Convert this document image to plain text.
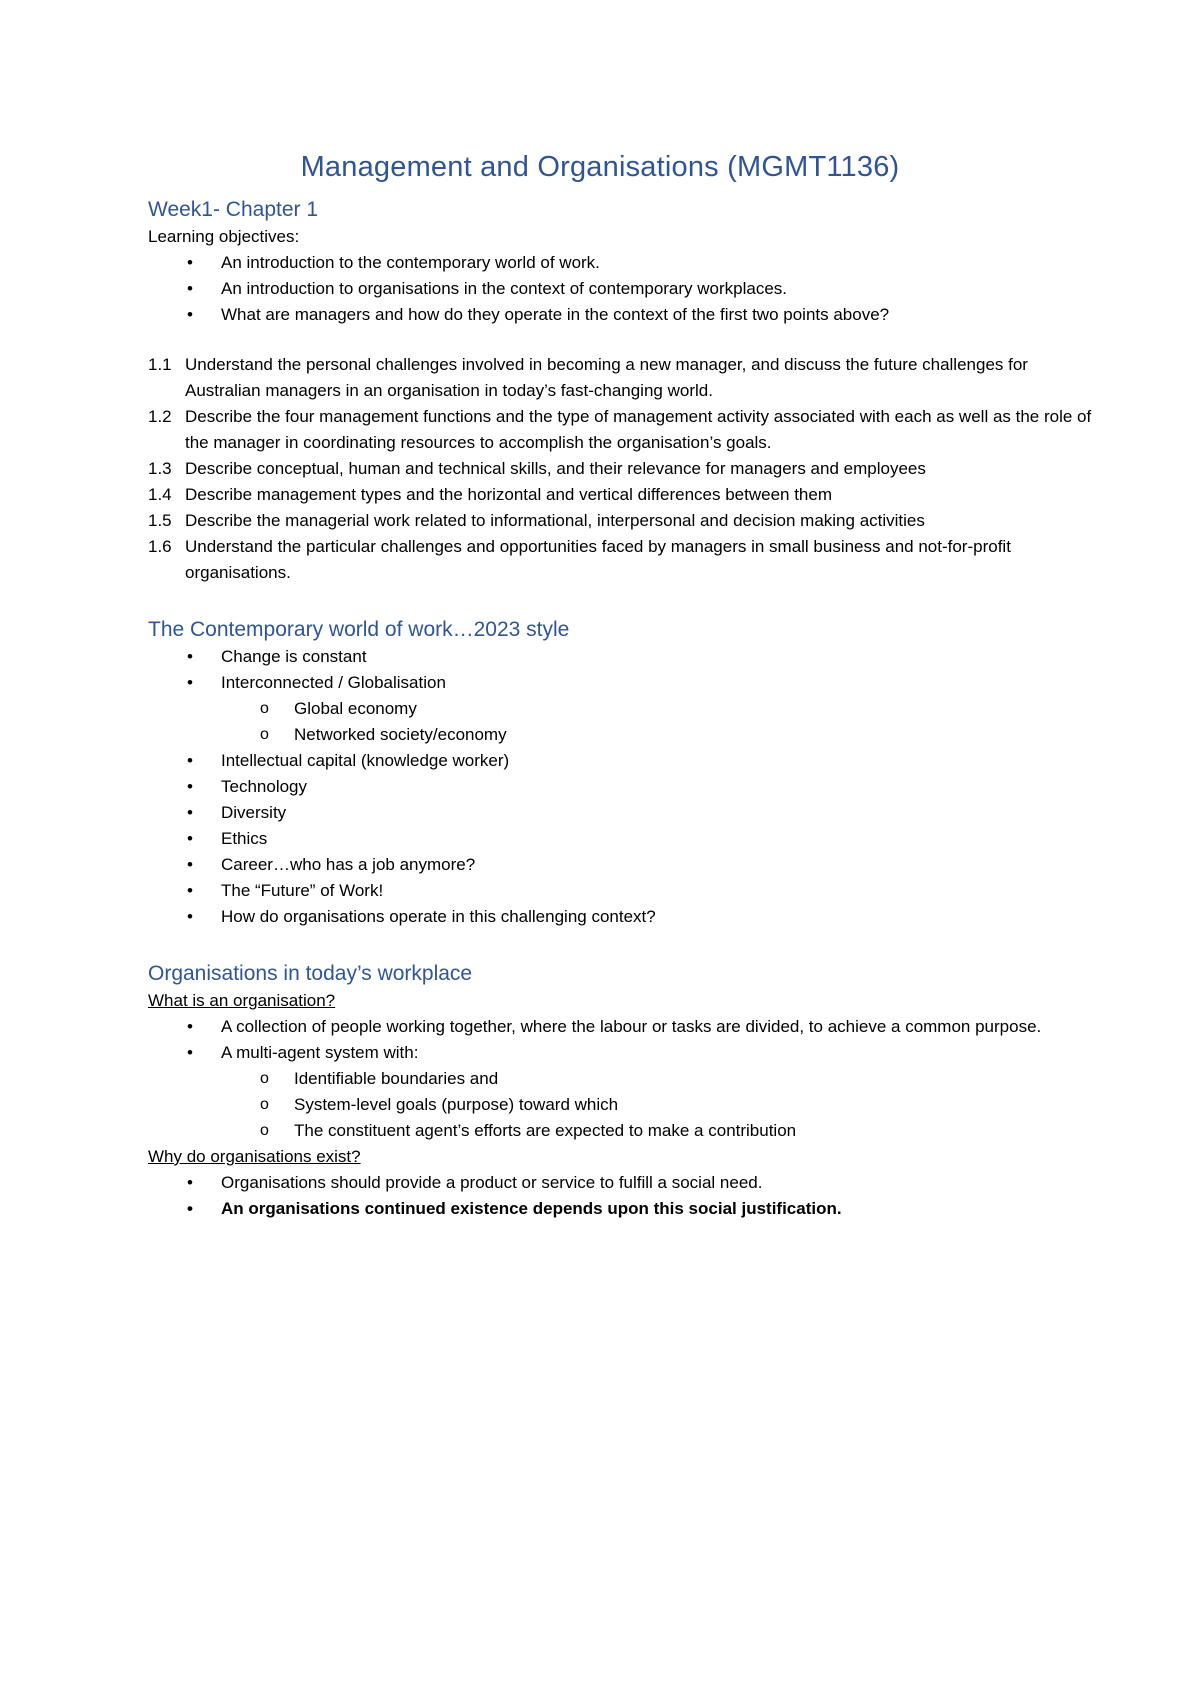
Management and Organisations (MGMT1136)
Week1- Chapter 1

Learning objectives:

• An introduction to the contemporary world of work.
• An introduction to organisations in the context of contemporary workplaces.
• What are managers and how do they operate in the context of the first two points above?
1.1 Understand the personal challenges involved in becoming a new manager, and discuss the future challenges for Australian managers in an organisation in today’s fast-changing world.
1.2 Describe the four management functions and the type of management activity associated with each as well as the role of the manager in coordinating resources to accomplish the organisation’s goals.
1.3 Describe conceptual, human and technical skills, and their relevance for managers and employees
1.4 Describe management types and the horizontal and vertical differences between them
1.5 Describe the managerial work related to informational, interpersonal and decision making activities
1.6 Understand the particular challenges and opportunities faced by managers in small business and not-for-profit organisations.
The Contemporary world of work…2023 style
• Change is constant
• Interconnected / Globalisation
o Global economy
o Networked society/economy
• Intellectual capital (knowledge worker)
• Technology
• Diversity
• Ethics
• Career…who has a job anymore?
• The “Future” of Work!
• How do organisations operate in this challenging context?
Organisations in today’s workplace

What is an organisation?

• A collection of people working together, where the labour or tasks are divided, to achieve a common purpose.
• A multi-agent system with:
o Identifiable boundaries and
o System-level goals (purpose) toward which
o The constituent agent’s efforts are expected to make a contribution

Why do organisations exist?

• Organisations should provide a product or service to fulfill a social need.
• An organisations continued existence depends upon this social justification.
